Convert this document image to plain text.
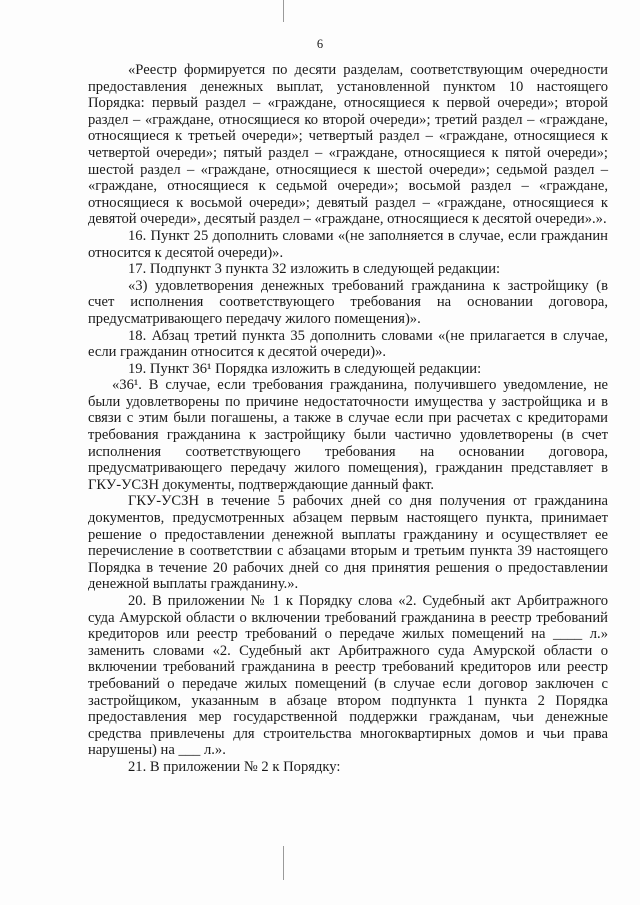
6

«Реестр формируется по десяти разделам, соответствующим очередности предоставления денежных выплат, установленной пунктом 10 настоящего Порядка: первый раздел – «граждане, относящиеся к первой очереди»; второй раздел – «граждане, относящиеся ко второй очереди»; третий раздел – «граждане, относящиеся к третьей очереди»; четвертый раздел – «граждане, относящиеся к четвертой очереди»; пятый раздел – «граждане, относящиеся к пятой очереди»; шестой раздел – «граждане, относящиеся к шестой очереди»; седьмой раздел – «граждане, относящиеся к седьмой очереди»; восьмой раздел – «граждане, относящиеся к восьмой очереди»; девятый раздел – «граждане, относящиеся к девятой очереди», десятый раздел – «граждане, относящиеся к десятой очереди».».

16. Пункт 25 дополнить словами «(не заполняется в случае, если гражданин относится к десятой очереди)».

17. Подпункт 3 пункта 32 изложить в следующей редакции:

«3) удовлетворения денежных требований гражданина к застройщику (в счет исполнения соответствующего требования на основании договора, предусматривающего передачу жилого помещения)».

18. Абзац третий пункта 35 дополнить словами «(не прилагается в случае, если гражданин относится к десятой очереди)».

19. Пункт 36¹ Порядка изложить в следующей редакции:

«36¹. В случае, если требования гражданина, получившего уведомление, не были удовлетворены по причине недостаточности имущества у застройщика и в связи с этим были погашены, а также в случае если при расчетах с кредиторами требования гражданина к застройщику были частично удовлетворены (в счет исполнения соответствующего требования на основании договора, предусматривающего передачу жилого помещения), гражданин представляет в ГКУ-УСЗН документы, подтверждающие данный факт.

ГКУ-УСЗН в течение 5 рабочих дней со дня получения от гражданина документов, предусмотренных абзацем первым настоящего пункта, принимает решение о предоставлении денежной выплаты гражданину и осуществляет ее перечисление в соответствии с абзацами вторым и третьим пункта 39 настоящего Порядка в течение 20 рабочих дней со дня принятия решения о предоставлении денежной выплаты гражданину.».

20. В приложении № 1 к Порядку слова «2. Судебный акт Арбитражного суда Амурской области о включении требований гражданина в реестр требований кредиторов или реестр требований о передаче жилых помещений на ____ л.» заменить словами «2. Судебный акт Арбитражного суда Амурской области о включении требований гражданина в реестр требований кредиторов или реестр требований о передаче жилых помещений (в случае если договор заключен с застройщиком, указанным в абзаце втором подпункта 1 пункта 2 Порядка предоставления мер государственной поддержки гражданам, чьи денежные средства привлечены для строительства многоквартирных домов и чьи права нарушены) на ___ л.».

21. В приложении № 2 к Порядку:
